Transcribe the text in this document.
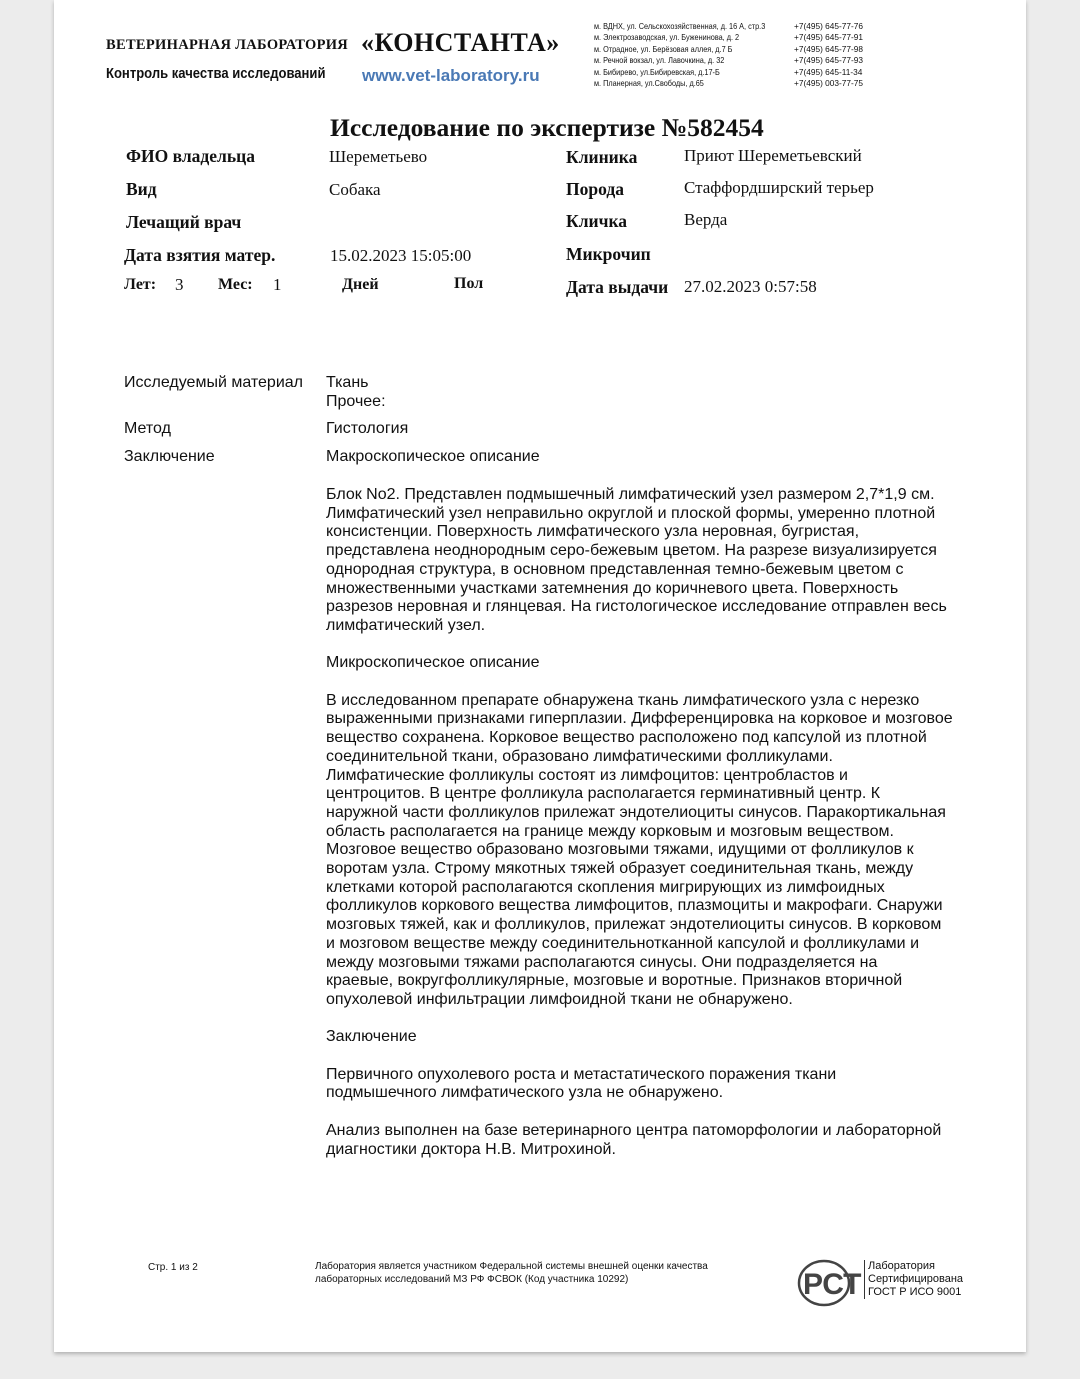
ВЕТЕРИНАРНАЯ ЛАБОРАТОРИЯ «КОНСТАНТА»
Контроль качества исследований www.vet-laboratory.ru
м. ВДНХ, ул. Сельскохозяйственная, д. 16 А, стр.3	+7(495) 645-77-76
м. Электрозаводская, ул. Буженинова, д. 2	+7(495) 645-77-91
м. Отрадное, ул. Берёзовая аллея, д.7 Б	+7(495) 645-77-98
м. Речной вокзал, ул. Лавочкина, д. 32	+7(495) 645-77-93
м. Бибирево, ул.Бибиревская, д.17-Б	+7(495) 645-11-34
м. Планерная, ул.Свободы, д.65	+7(495) 003-77-75
Исследование по экспертизе №582454
ФИО владельца	Шереметьево
Вид	Собака
Лечащий врач
Дата взятия матер.	15.02.2023 15:05:00
Лет: 3 Мес: 1	Дней	Пол
Клиника	Приют Шереметьевский
Порода	Стаффордширский терьер
Кличка	Верда
Микрочип
Дата выдачи 27.02.2023 0:57:58
Исследуемый материал Ткань
Прочее:
Метод	Гистология
Заключение	Макроскопическое описание

Блок No2. Представлен подмышечный лимфатический узел размером 2,7*1,9 см.
Лимфатический узел неправильно округлой и плоской формы, умеренно плотной
консистенции. Поверхность лимфатического узла неровная, бугристая,
представлена неоднородным серо-бежевым цветом. На разрезе визуализируется
однородная структура, в основном представленная темно-бежевым цветом с
множественными участками затемнения до коричневого цвета. Поверхность
разрезов неровная и глянцевая. На гистологическое исследование отправлен весь
лимфатический узел.

Микроскопическое описание

В исследованном препарате обнаружена ткань лимфатического узла с нерезко
выраженными признаками гиперплазии. Дифференцировка на корковое и мозговое
вещество сохранена. Корковое вещество расположено под капсулой из плотной
соединительной ткани, образовано лимфатическими фолликулами.
Лимфатические фолликулы состоят из лимфоцитов: центробластов и
центроцитов. В центре фолликула располагается герминативный центр. К
наружной части фолликулов прилежат эндотелиоциты синусов. Паракортикальная
область располагается на границе между корковым и мозговым веществом.
Мозговое вещество образовано мозговыми тяжами, идущими от фолликулов к
воротам узла. Строму мякотных тяжей образует соединительная ткань, между
клетками которой располагаются скопления мигрирующих из лимфоидных
фолликулов коркового вещества лимфоцитов, плазмоциты и макрофаги. Снаружи
мозговых тяжей, как и фолликулов, прилежат эндотелиоциты синусов. В корковом
и мозговом веществе между соединительнотканной капсулой и фолликулами и
между мозговыми тяжами располагаются синусы. Они подразделяется на
краевые, вокругфолликулярные, мозговые и воротные. Признаков вторичной
опухолевой инфильтрации лимфоидной ткани не обнаружено.

Заключение

Первичного опухолевого роста и метастатического поражения ткани
подмышечного лимфатического узла не обнаружено.

Анализ выполнен на базе ветеринарного центра патоморфологии и лабораторной
диагностики доктора Н.В. Митрохиной.

Стр. 1 из 2	Лаборатория является участником Федеральной системы внешней оценки качества
лабораторных исследований МЗ РФ ФСВОК (Код участника 10292)	РСТ
Лаборатория
Сертифицирована
ГОСТ Р ИСО 9001
